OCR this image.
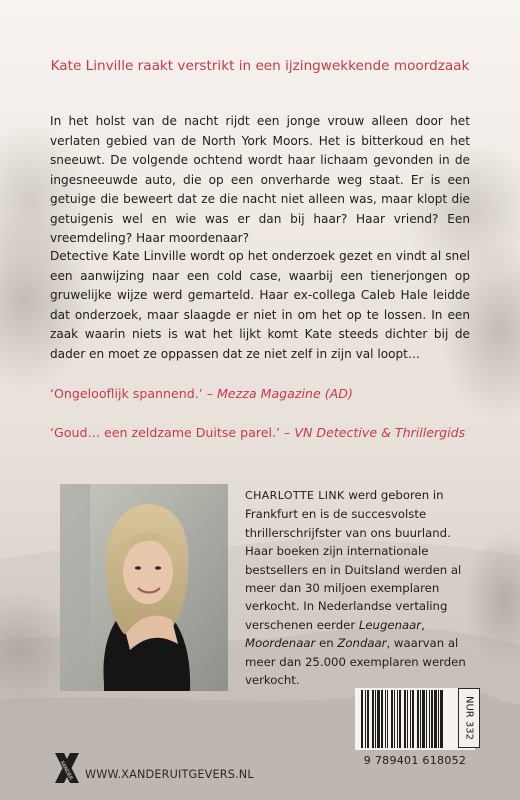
Kate Linville raakt verstrikt in een ijzingwekkende moordzaak

In het holst van de nacht rijdt een jonge vrouw alleen door het verlaten gebied van de North York Moors. Het is bitterkoud en het sneeuwt. De volgende ochtend wordt haar lichaam gevonden in de ingesneeuwde auto, die op een onverharde weg staat. Er is een getuige die beweert dat ze die nacht niet alleen was, maar klopt die getuigenis wel en wie was er dan bij haar? Haar vriend? Een vreemdeling? Haar moordenaar?

Detective Kate Linville wordt op het onderzoek gezet en vindt al snel een aanwijzing naar een cold case, waarbij een tienerjongen op gruwelijke wijze werd gemarteld. Haar ex-collega Caleb Hale leidde dat onderzoek, maar slaagde er niet in om het op te lossen. In een zaak waarin niets is wat het lijkt komt Kate steeds dichter bij de dader en moet ze oppassen dat ze niet zelf in zijn val loopt…

‘Ongelooflijk spannend.’ – Mezza Magazine (AD)

‘Goud… een zeldzame Duitse parel.’ – VN Detective & Thrillergids

CHARLOTTE LINK werd geboren in Frankfurt en is de succesvolste thrillerschrijfster van ons buurland. Haar boeken zijn internationale bestsellers en in Duitsland werden al meer dan 30 miljoen exemplaren verkocht. In Nederlandse vertaling verschenen eerder Leugenaar, Moordenaar en Zondaar, waarvan al meer dan 25.000 exemplaren werden verkocht.

9 789401 618052
NUR 332
XANDER WWW.XANDERUITGEVERS.NL
